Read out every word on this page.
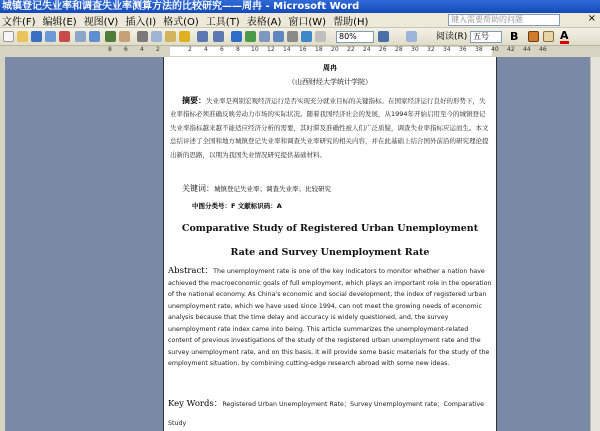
城镇登记失业率和调查失业率测算方法的比较研究——周冉 - Microsoft Word
文件(F) 编辑(E) 视图(V) 插入(I) 格式(O) 工具(T) 表格(A) 窗口(W) 帮助(H)	键入需要帮助的问题	×
80%	阅读(R) 五号	B	A
8 6 4 2	2 4 6 8 10 12 14 16 18 20 22 24 26 28 30 32 34 36 38 40 42 44 46
周冉
（山西财经大学统计学院）
摘要：失业率是判别宏观经济运行是否实现充分就业目标的关键指标。在国家经济运行良好的形势下，失业率指标必须准确反映劳动力市场的实际状况。随着我国经济社会的发展，从1994年开始启用至今的城镇登记失业率指标越来越不能适应经济分析的需要，其时滞及准确性被人们广泛质疑，调查失业率指标应运而生。本文总结评述了全国和地方城镇登记失业率和调查失业率研究的相关内容，并在此基础上结合国外前沿的研究理论提出新的思路，以期为我国失业情况研究提供基础材料。
关键词：城镇登记失业率；调查失业率；比较研究
中图分类号：F 文献标识码：A
Comparative Study of Registered Urban Unemployment
Rate and Survey Unemployment Rate
Abstract：The unemployment rate is one of the key indicators to monitor whether a nation have achieved the macroeconomic goals of full employment, which plays an important role in the operation of the national economy. As China's economic and social development, the index of registered urban unemployment rate, which we have used since 1994, can not meet the growing needs of economic analysis because that the time delay and accuracy is widely questioned, and, the survey unemployment rate index came into being. This article summarizes the unemployment-related content of previous investigations of the study of the registered urban unemployment rate and the survey unemployment rate, and on this basis, it will provide some basic materials for the study of the employment situation, by combining cutting-edge research abroad with some new ideas.
Key Words：Registered Urban Unemployment Rate；Survey Unemployment rate；Comparative Study
